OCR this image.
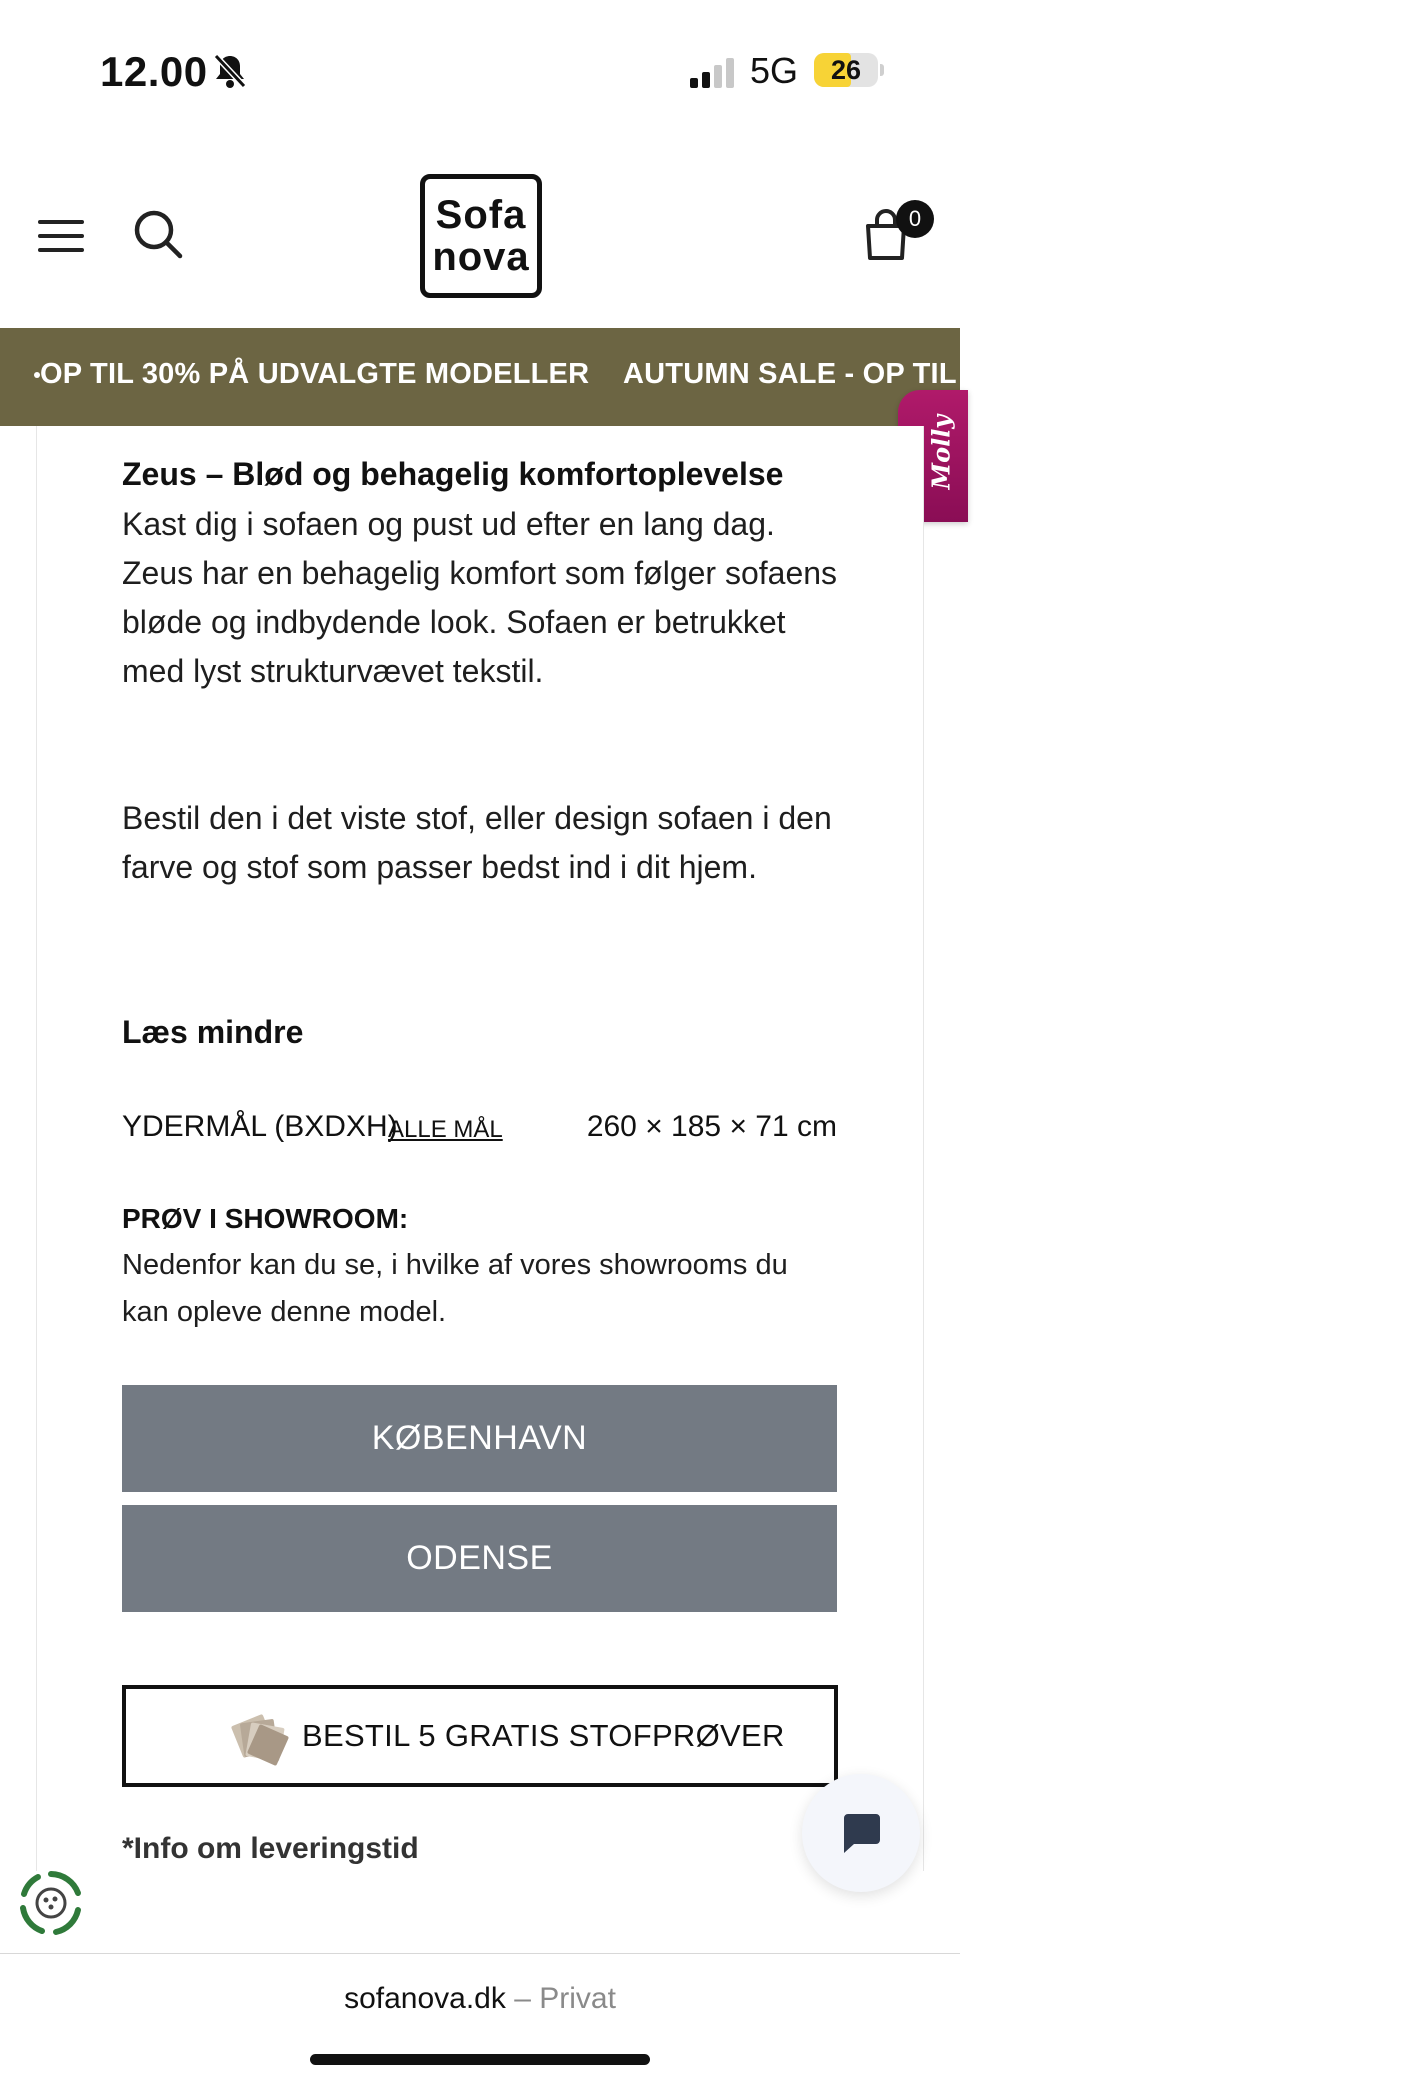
12.00	5G	26
Sofa
nova
0
OP TIL 30% PÅ UDVALGTE MODELLER AUTUMN SALE - OP TIL 30% PÅ UDVALGTE MODELLER
Molly
Zeus – Blød og behagelig komfortoplevelse
Kast dig i sofaen og pust ud efter en lang dag. Zeus har en behagelig komfort som følger sofaens bløde og indbydende look. Sofaen er betrukket med lyst strukturvævet tekstil.
Bestil den i det viste stof, eller design sofaen i den farve og stof som passer bedst ind i dit hjem.
Læs mindre
YDERMÅL (BXDXH)
ALLE MÅL	260 × 185 × 71 cm
PRØV I SHOWROOM:
Nedenfor kan du se, i hvilke af vores showrooms du kan opleve denne model.
KØBENHAVN
ODENSE
BESTIL 5 GRATIS STOFPRØVER
*Info om leveringstid
sofanova.dk – Privat
